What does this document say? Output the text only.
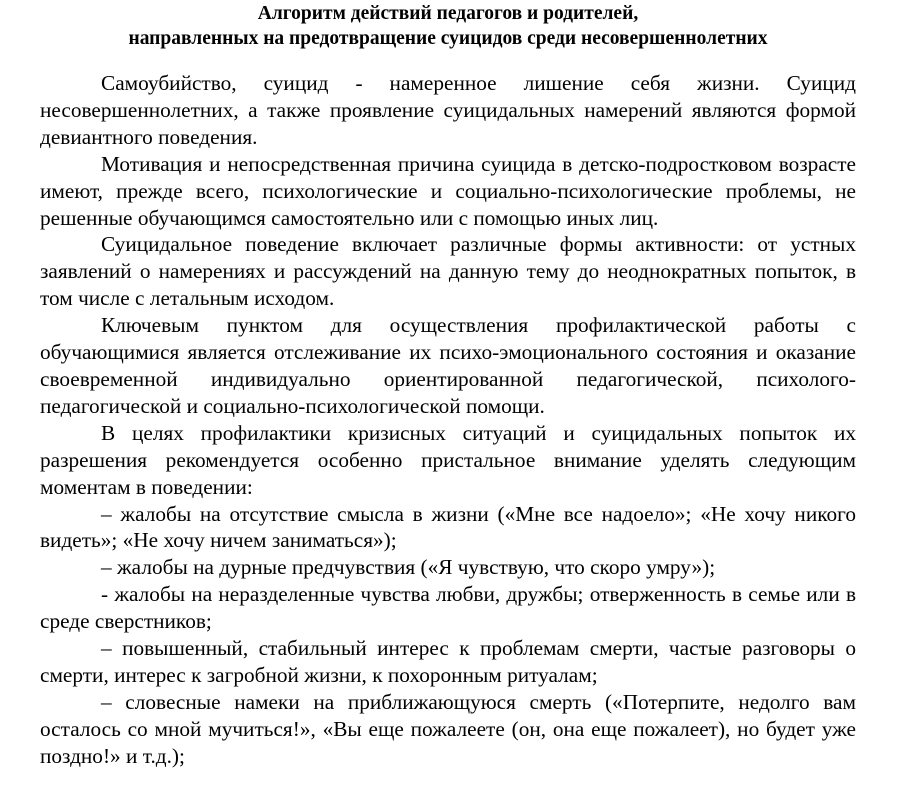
Алгоритм действий педагогов и родителей,
направленных на предотвращение суицидов среди несовершеннолетних

Самоубийство, суицид - намеренное лишение себя жизни. Суицид несовершеннолетних, а также проявление суицидальных намерений являются формой девиантного поведения.

Мотивация и непосредственная причина суицида в детско-подростковом возрасте имеют, прежде всего, психологические и социально-психологические проблемы, не решенные обучающимся самостоятельно или с помощью иных лиц.

Суицидальное поведение включает различные формы активности: от устных заявлений о намерениях и рассуждений на данную тему до неоднократных попыток, в том числе с летальным исходом.

Ключевым пунктом для осуществления профилактической работы с обучающимися является отслеживание их психо-эмоционального состояния и оказание своевременной индивидуально ориентированной педагогической, психолого-педагогической и социально-психологической помощи.

В целях профилактики кризисных ситуаций и суицидальных попыток их разрешения рекомендуется особенно пристальное внимание уделять следующим моментам в поведении:

– жалобы на отсутствие смысла в жизни («Мне все надоело»; «Не хочу никого видеть»; «Не хочу ничем заниматься»);

– жалобы на дурные предчувствия («Я чувствую, что скоро умру»);

- жалобы на неразделенные чувства любви, дружбы; отверженность в семье или в среде сверстников;

– повышенный, стабильный интерес к проблемам смерти, частые разговоры о смерти, интерес к загробной жизни, к похоронным ритуалам;

– словесные намеки на приближающуюся смерть («Потерпите, недолго вам осталось со мной мучиться!», «Вы еще пожалеете (он, она еще пожалеет), но будет уже поздно!» и т.д.);
